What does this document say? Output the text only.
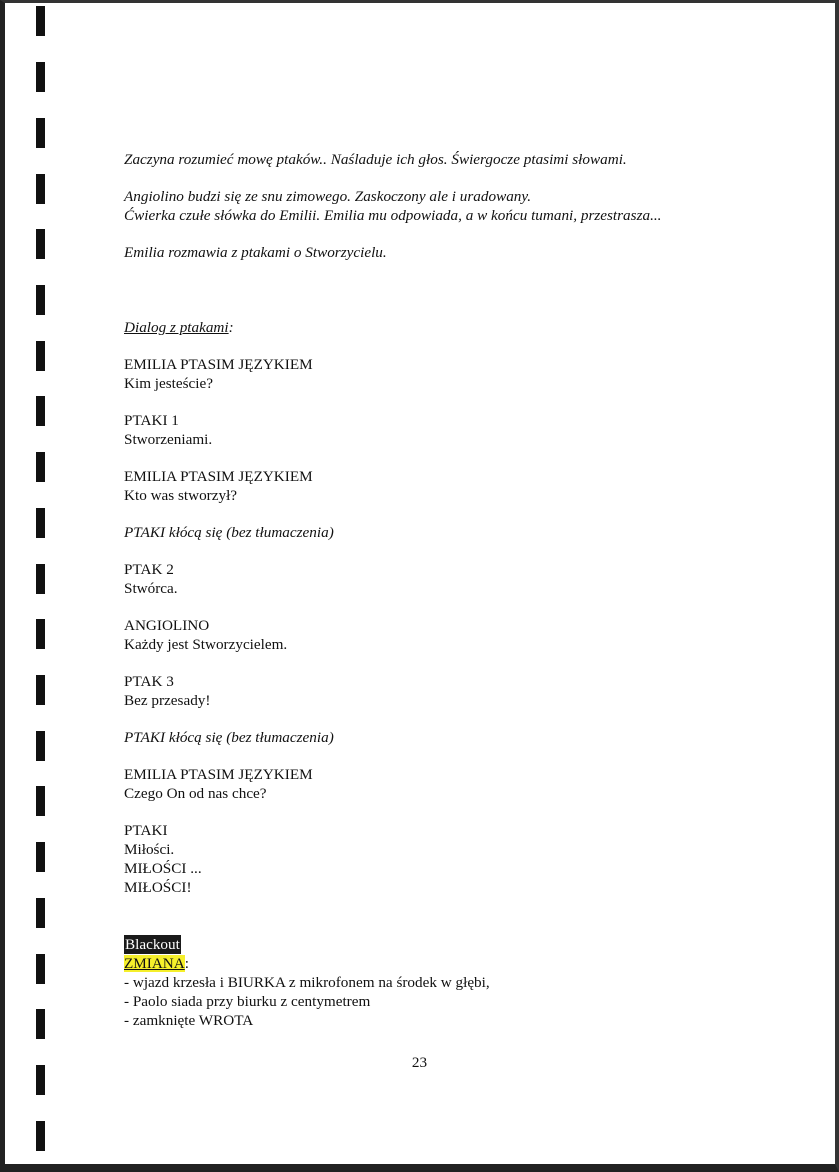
Zaczyna rozumieć mowę ptaków.. Naśladuje ich głos. Świergocze ptasimi słowami.
Angiolino budzi się ze snu zimowego. Zaskoczony ale i uradowany.
Ćwierka czułe słówka do Emilii. Emilia mu odpowiada, a w końcu tumani, przestrasza...
Emilia rozmawia z ptakami o Stworzycielu.
Dialog z ptakami:
EMILIA PTASIM JĘZYKIEM
Kim jesteście?
PTAKI 1
Stworzeniami.
EMILIA PTASIM JĘZYKIEM
Kto was stworzył?
PTAKI kłócą się (bez tłumaczenia)
PTAK 2
Stwórca.
ANGIOLINO
Każdy jest Stworzycielem.
PTAK 3
Bez przesady!
PTAKI kłócą się (bez tłumaczenia)
EMILIA PTASIM JĘZYKIEM
Czego On od nas chce?
PTAKI
Miłości.
MIŁOŚCI ...
MIŁOŚCI!
Blackout
ZMIANA:
- wjazd krzesła i BIURKA z mikrofonem na środek w głębi,
- Paolo siada przy biurku z centymetrem
- zamknięte WROTA
23
